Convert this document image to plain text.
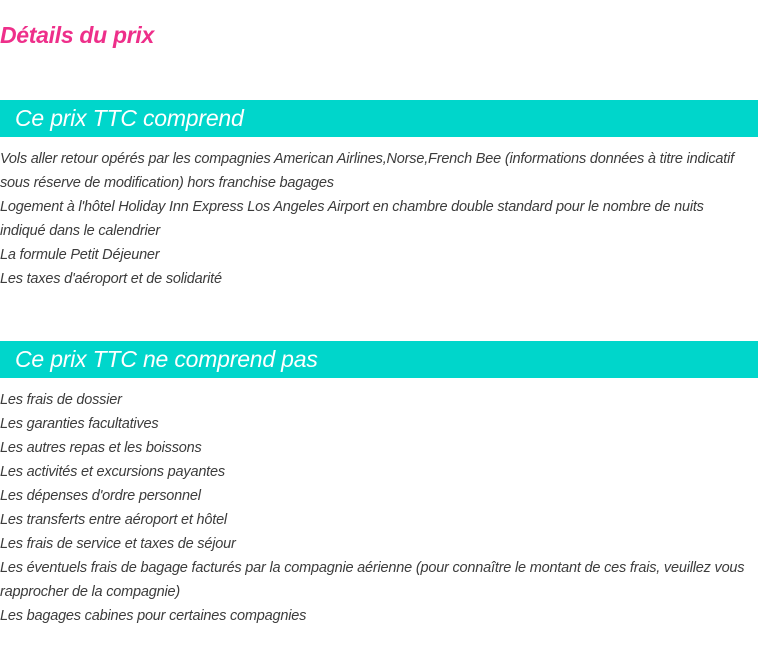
Détails du prix
Ce prix TTC comprend
Vols aller retour opérés par les compagnies American Airlines,Norse,French Bee (informations données à titre indicatif sous réserve de modification) hors franchise bagages
Logement à l'hôtel Holiday Inn Express Los Angeles Airport en chambre double standard pour le nombre de nuits indiqué dans le calendrier
La formule Petit Déjeuner
Les taxes d'aéroport et de solidarité
Ce prix TTC ne comprend pas
Les frais de dossier
Les garanties facultatives
Les autres repas et les boissons
Les activités et excursions payantes
Les dépenses d'ordre personnel
Les transferts entre aéroport et hôtel
Les frais de service et taxes de séjour
Les éventuels frais de bagage facturés par la compagnie aérienne (pour connaître le montant de ces frais, veuillez vous rapprocher de la compagnie)
Les bagages cabines pour certaines compagnies
